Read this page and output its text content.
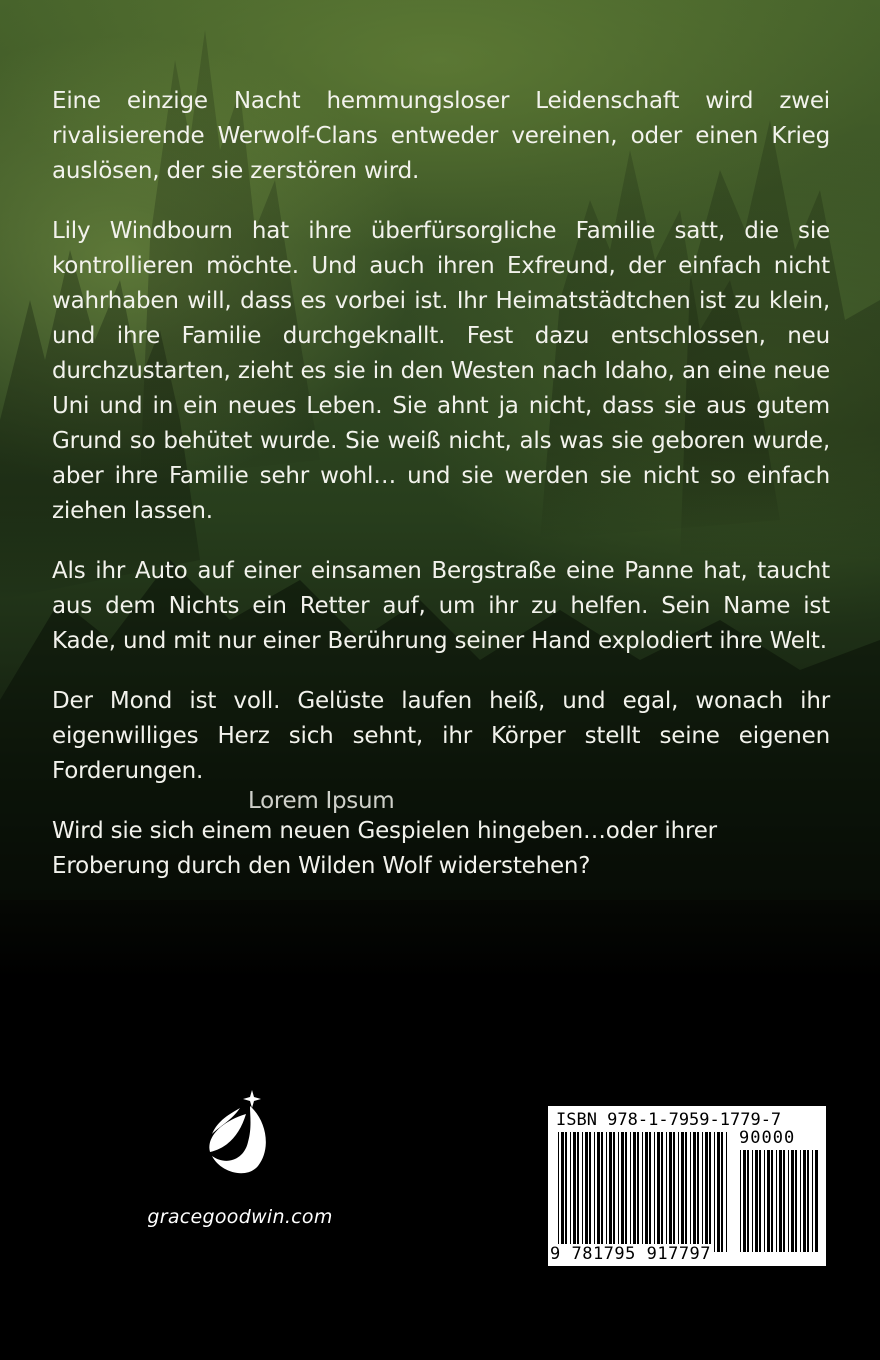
Eine einzige Nacht hemmungsloser Leidenschaft wird zwei rivalisierende Werwolf-Clans entweder vereinen, oder einen Krieg auslösen, der sie zerstören wird.

Lily Windbourn hat ihre überfürsorgliche Familie satt, die sie kontrollieren möchte. Und auch ihren Exfreund, der einfach nicht wahrhaben will, dass es vorbei ist. Ihr Heimatstädtchen ist zu klein, und ihre Familie durchgeknallt. Fest dazu entschlossen, neu durchzustarten, zieht es sie in den Westen nach Idaho, an eine neue Uni und in ein neues Leben. Sie ahnt ja nicht, dass sie aus gutem Grund so behütet wurde. Sie weiß nicht, als was sie geboren wurde, aber ihre Familie sehr wohl… und sie werden sie nicht so einfach ziehen lassen.

Als ihr Auto auf einer einsamen Bergstraße eine Panne hat, taucht aus dem Nichts ein Retter auf, um ihr zu helfen. Sein Name ist Kade, und mit nur einer Berührung seiner Hand explodiert ihre Welt.

Der Mond ist voll. Gelüste laufen heiß, und egal, wonach ihr eigenwilliges Herz sich sehnt, ihr Körper stellt seine eigenen Forderungen.

Wird sie sich einem neuen Gespielen hingeben…oder ihrer Eroberung durch den Wilden Wolf widerstehen?

Lorem Ipsum
gracegoodwin.com
ISBN 978-1-7959-1779-7
90000
9 781795 917797
